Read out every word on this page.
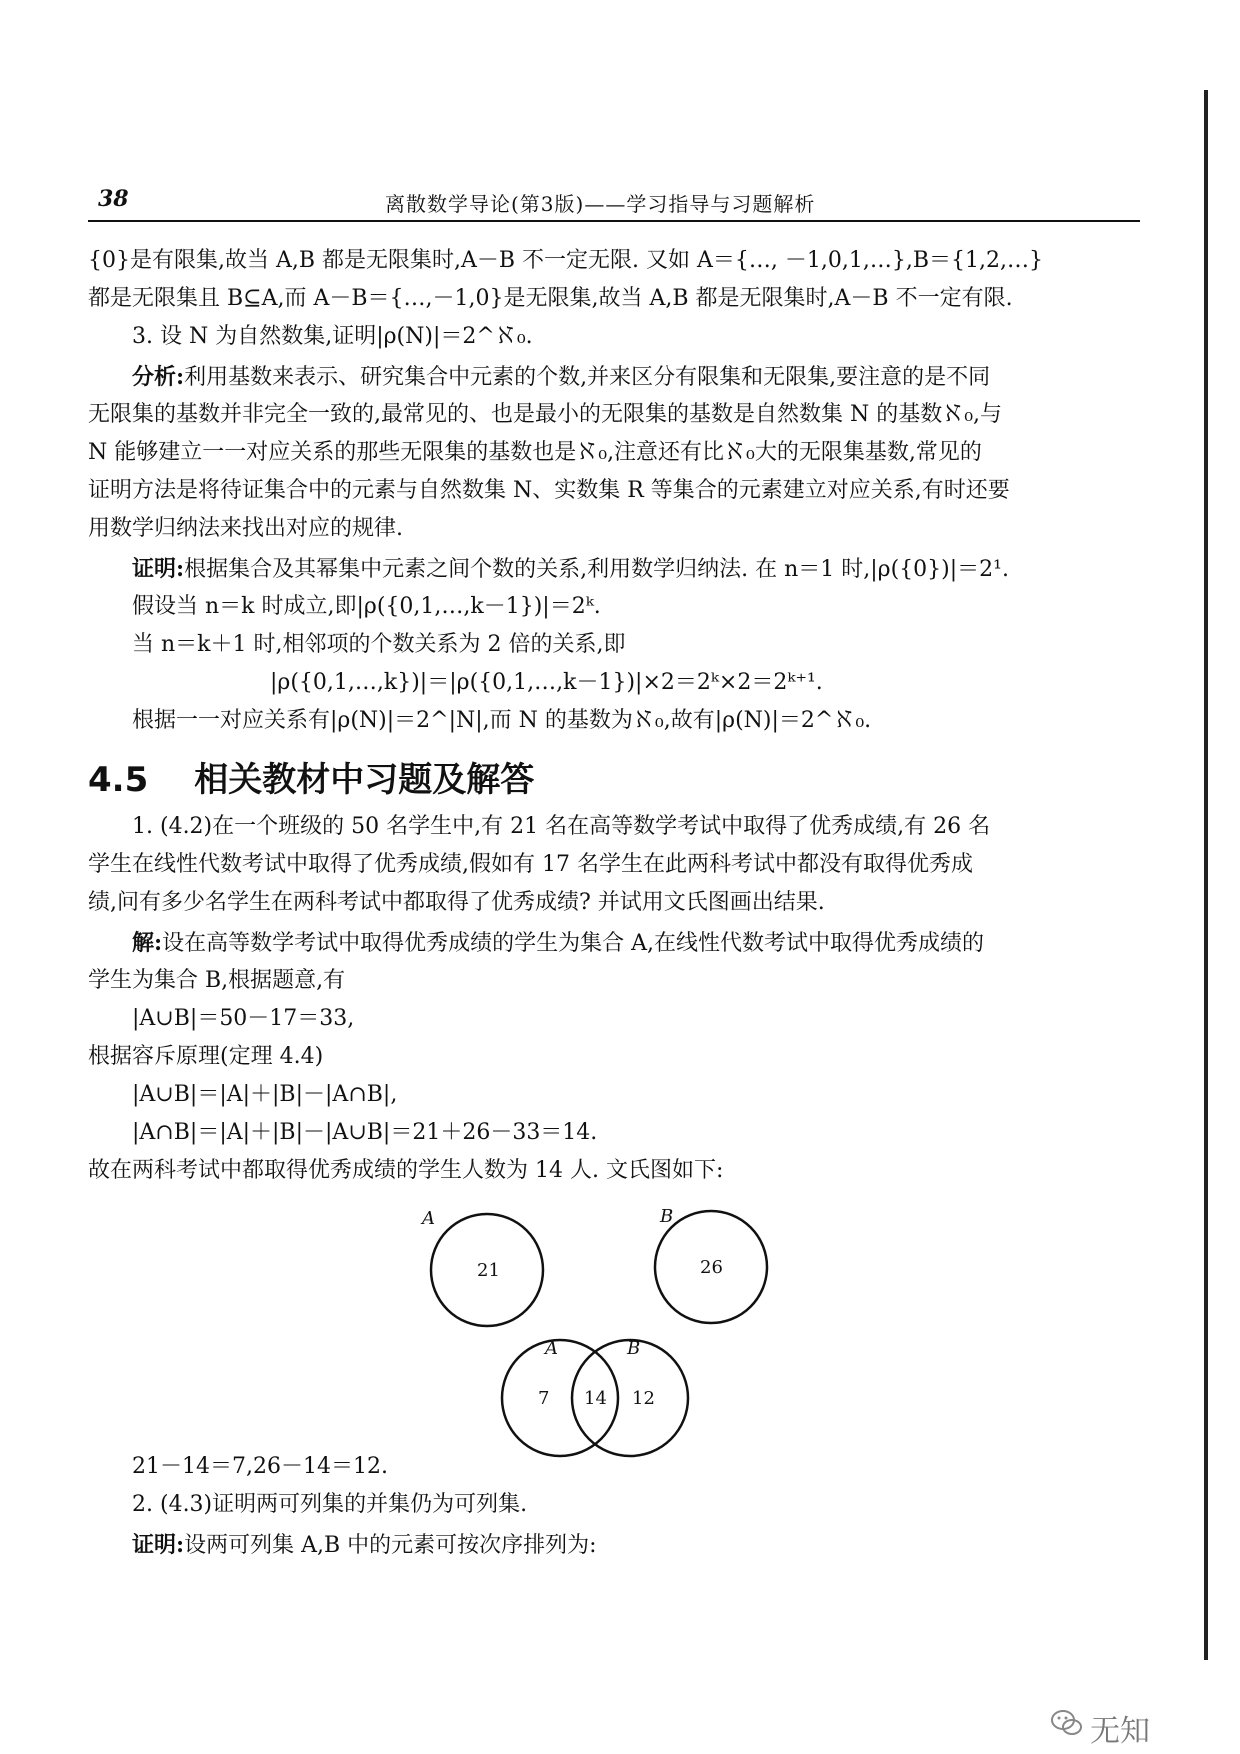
38	离散数学导论(第3版)——学习指导与习题解析
{0}是有限集,故当 A,B 都是无限集时,A－B 不一定无限. 又如 A＝{…, －1,0,1,…},B＝{1,2,…}
都是无限集且 B⊆A,而 A－B＝{…,－1,0}是无限集,故当 A,B 都是无限集时,A－B 不一定有限.
3. 设 N 为自然数集,证明|ρ(N)|＝2^ℵ₀.
分析:利用基数来表示、研究集合中元素的个数,并来区分有限集和无限集,要注意的是不同
无限集的基数并非完全一致的,最常见的、也是最小的无限集的基数是自然数集 N 的基数ℵ₀,与
N 能够建立一一对应关系的那些无限集的基数也是ℵ₀,注意还有比ℵ₀大的无限集基数,常见的
证明方法是将待证集合中的元素与自然数集 N、实数集 R 等集合的元素建立对应关系,有时还要
用数学归纳法来找出对应的规律.
证明:根据集合及其幂集中元素之间个数的关系,利用数学归纳法. 在 n＝1 时,|ρ({0})|＝2¹.
假设当 n＝k 时成立,即|ρ({0,1,…,k－1})|＝2ᵏ.
当 n＝k＋1 时,相邻项的个数关系为 2 倍的关系,即
|ρ({0,1,…,k})|＝|ρ({0,1,…,k－1})|×2＝2ᵏ×2＝2ᵏ⁺¹.
根据一一对应关系有|ρ(N)|＝2^|N|,而 N 的基数为ℵ₀,故有|ρ(N)|＝2^ℵ₀.
4.5 相关教材中习题及解答
1. (4.2)在一个班级的 50 名学生中,有 21 名在高等数学考试中取得了优秀成绩,有 26 名
学生在线性代数考试中取得了优秀成绩,假如有 17 名学生在此两科考试中都没有取得优秀成
绩,问有多少名学生在两科考试中都取得了优秀成绩? 并试用文氏图画出结果.
解:设在高等数学考试中取得优秀成绩的学生为集合 A,在线性代数考试中取得优秀成绩的
学生为集合 B,根据题意,有
|A∪B|＝50－17＝33,
根据容斥原理(定理 4.4)
|A∪B|＝|A|＋|B|－|A∩B|,
|A∩B|＝|A|＋|B|－|A∪B|＝21＋26－33＝14.
故在两科考试中都取得优秀成绩的学生人数为 14 人. 文氏图如下:
A	B
21	26
A	B
7 14 12
21－14＝7,26－14＝12.
2. (4.3)证明两可列集的并集仍为可列集.
证明:设两可列集 A,B 中的元素可按次序排列为:
无知
